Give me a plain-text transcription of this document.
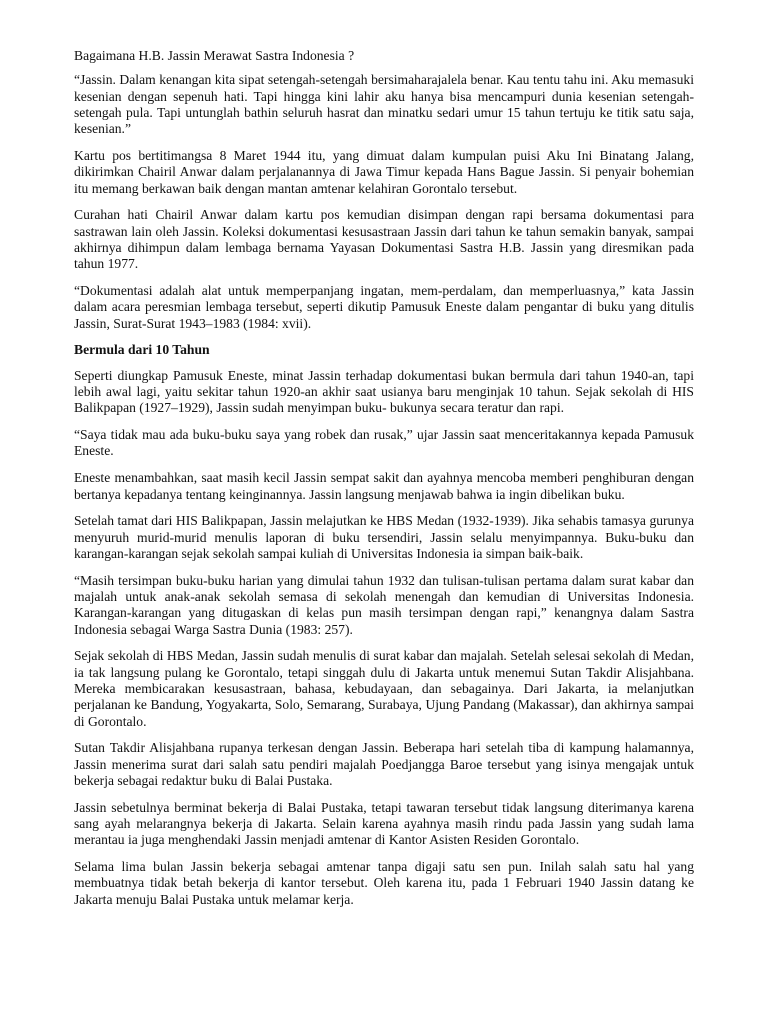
Bagaimana H.B. Jassin Merawat Sastra Indonesia ?

“Jassin. Dalam kenangan kita sipat setengah-setengah bersimaharajalela benar. Kau tentu tahu ini. Aku memasuki kesenian dengan sepenuh hati. Tapi hingga kini lahir aku hanya bisa mencampuri dunia kesenian setengah-setengah pula. Tapi untunglah bathin seluruh hasrat dan minatku sedari umur 15 tahun tertuju ke titik satu saja, kesenian.”

Kartu pos bertitimangsa 8 Maret 1944 itu, yang dimuat dalam kumpulan puisi Aku Ini Binatang Jalang, dikirimkan Chairil Anwar dalam perjalanannya di Jawa Timur kepada Hans Bague Jassin. Si penyair bohemian itu memang berkawan baik dengan mantan amtenar kelahiran Gorontalo tersebut.

Curahan hati Chairil Anwar dalam kartu pos kemudian disimpan dengan rapi bersama dokumentasi para sastrawan lain oleh Jassin. Koleksi dokumentasi kesusastraan Jassin dari tahun ke tahun semakin banyak, sampai akhirnya dihimpun dalam lembaga bernama Yayasan Dokumentasi Sastra H.B. Jassin yang diresmikan pada tahun 1977.

“Dokumentasi adalah alat untuk memperpanjang ingatan, mem-perdalam, dan memperluasnya,” kata Jassin dalam acara peresmian lembaga tersebut, seperti dikutip Pamusuk Eneste dalam pengantar di buku yang ditulis Jassin, Surat-Surat 1943–1983 (1984: xvii).

Bermula dari 10 Tahun

Seperti diungkap Pamusuk Eneste, minat Jassin terhadap dokumentasi bukan bermula dari tahun 1940-an, tapi lebih awal lagi, yaitu sekitar tahun 1920-an akhir saat usianya baru menginjak 10 tahun. Sejak sekolah di HIS Balikpapan (1927–1929), Jassin sudah menyimpan buku- bukunya secara teratur dan rapi.

“Saya tidak mau ada buku-buku saya yang robek dan rusak,” ujar Jassin saat menceritakannya kepada Pamusuk Eneste.

Eneste menambahkan, saat masih kecil Jassin sempat sakit dan ayahnya mencoba memberi penghiburan dengan bertanya kepadanya tentang keinginannya. Jassin langsung menjawab bahwa ia ingin dibelikan buku.

Setelah tamat dari HIS Balikpapan, Jassin melajutkan ke HBS Medan (1932-1939). Jika sehabis tamasya gurunya menyuruh murid-murid menulis laporan di buku tersendiri, Jassin selalu menyimpannya. Buku-buku dan karangan-karangan sejak sekolah sampai kuliah di Universitas Indonesia ia simpan baik-baik.

“Masih tersimpan buku-buku harian yang dimulai tahun 1932 dan tulisan-tulisan pertama dalam surat kabar dan majalah untuk anak-anak sekolah semasa di sekolah menengah dan kemudian di Universitas Indonesia. Karangan-karangan yang ditugaskan di kelas pun masih tersimpan dengan rapi,” kenangnya dalam Sastra Indonesia sebagai Warga Sastra Dunia (1983: 257).

Sejak sekolah di HBS Medan, Jassin sudah menulis di surat kabar dan majalah. Setelah selesai sekolah di Medan, ia tak langsung pulang ke Gorontalo, tetapi singgah dulu di Jakarta untuk menemui Sutan Takdir Alisjahbana. Mereka membicarakan kesusastraan, bahasa, kebudayaan, dan sebagainya. Dari Jakarta, ia melanjutkan perjalanan ke Bandung, Yogyakarta, Solo, Semarang, Surabaya, Ujung Pandang (Makassar), dan akhirnya sampai di Gorontalo.

Sutan Takdir Alisjahbana rupanya terkesan dengan Jassin. Beberapa hari setelah tiba di kampung halamannya, Jassin menerima surat dari salah satu pendiri majalah Poedjangga Baroe tersebut yang isinya mengajak untuk bekerja sebagai redaktur buku di Balai Pustaka.

Jassin sebetulnya berminat bekerja di Balai Pustaka, tetapi tawaran tersebut tidak langsung diterimanya karena sang ayah melarangnya bekerja di Jakarta. Selain karena ayahnya masih rindu pada Jassin yang sudah lama merantau ia juga menghendaki Jassin menjadi amtenar di Kantor Asisten Residen Gorontalo.

Selama lima bulan Jassin bekerja sebagai amtenar tanpa digaji satu sen pun. Inilah salah satu hal yang membuatnya tidak betah bekerja di kantor tersebut. Oleh karena itu, pada 1 Februari 1940 Jassin datang ke Jakarta menuju Balai Pustaka untuk melamar kerja.
